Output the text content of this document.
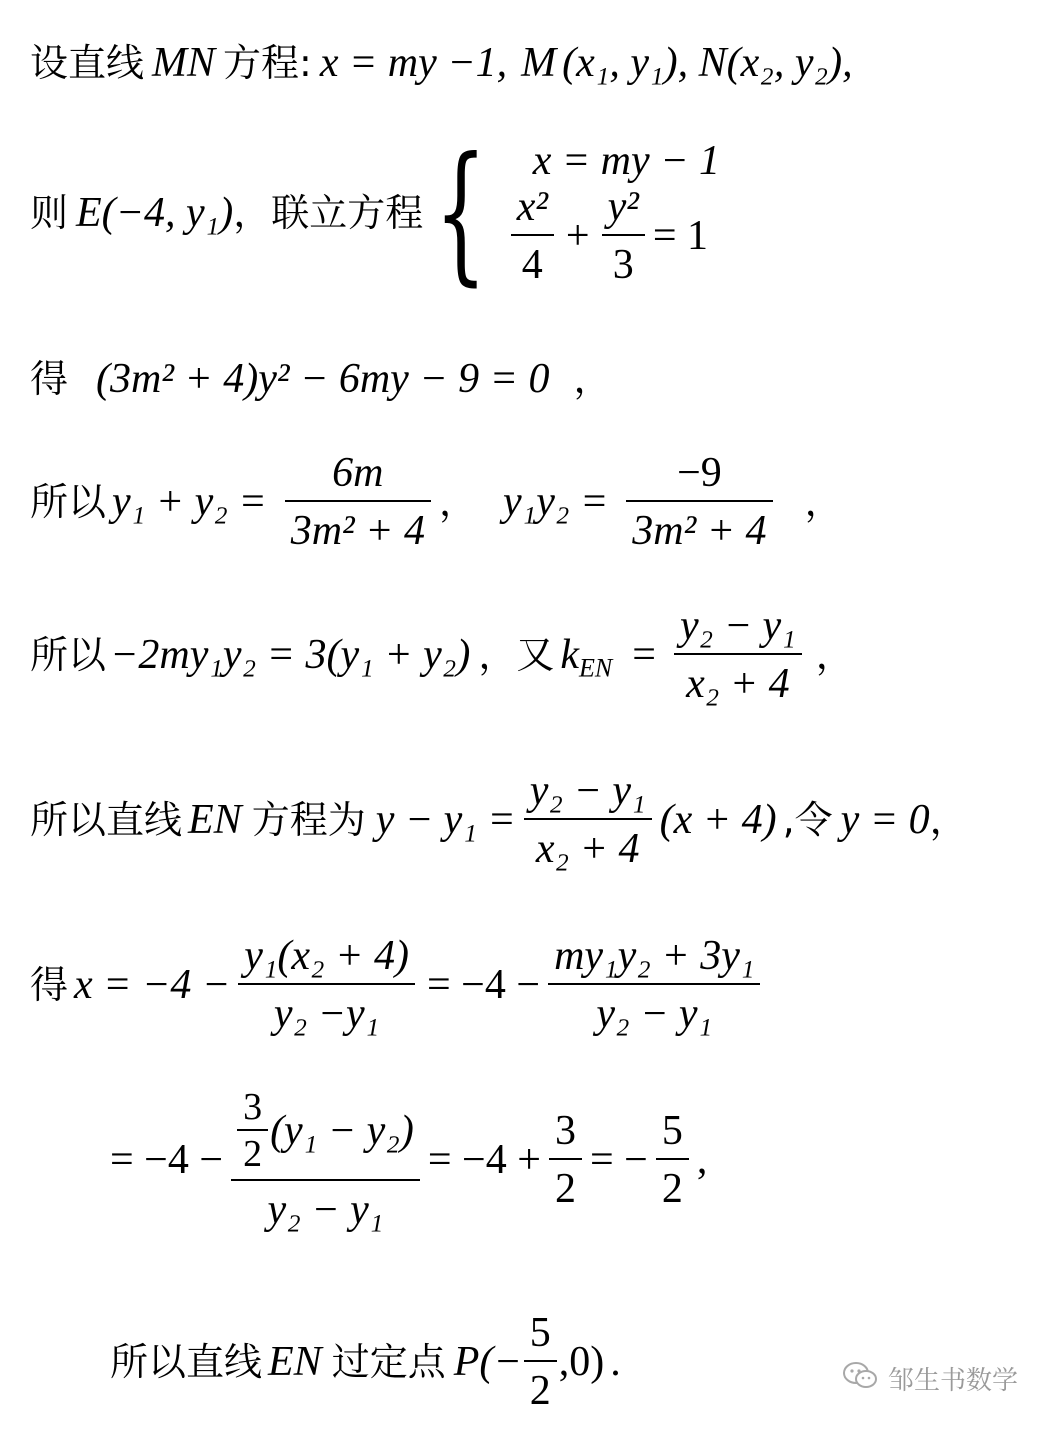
设直线 MN 方程: x = my −1, M (x₁, y₁), N(x₂, y₂),
则 E(−4, y₁) ，联立方程 { x = my − 1
$\frac{\text{x²}}{4} + \frac{\text{y²}}{3} = 1$
得 (3m² + 4)y² − 6my − 9 = 0 ，
所以 $y_1 + y_2 = \frac{6m}{\text{3m² + 4}}$ ， $y_1y_2 = \frac{-9}{\text{3m² + 4}}$ ，
所以 −2my₁y₂ = 3(y₁ + y₂) ，又 $k_{EN} = \frac{\text{y₂ − y₁}}{\text{x₂ + 4}}$ ，
所以直线 EN 方程为 $y - y_1 = \frac{\text{y₂ − y₁}}{\text{x₂ + 4}} (x + 4)$ ,令 y = 0 ，
得 $x = -4 - \frac{\text{y₁(x₂ + 4)}}{\text{y₂ −y₁}} = -4 - \frac{\text{my₁y₂ + 3y₁}}{\text{y₂ − y₁}}$
= $-4 - \frac{\frac{3}{2} (y_1 - y_2)}{\text{y₂ − y₁}} = -4 + \frac{3}{2}$ = − $\frac{5}{2}$ ,
所以直线 EN 过定点 $P(- \frac{5}{2} ,0)$ .	邹生书数学
